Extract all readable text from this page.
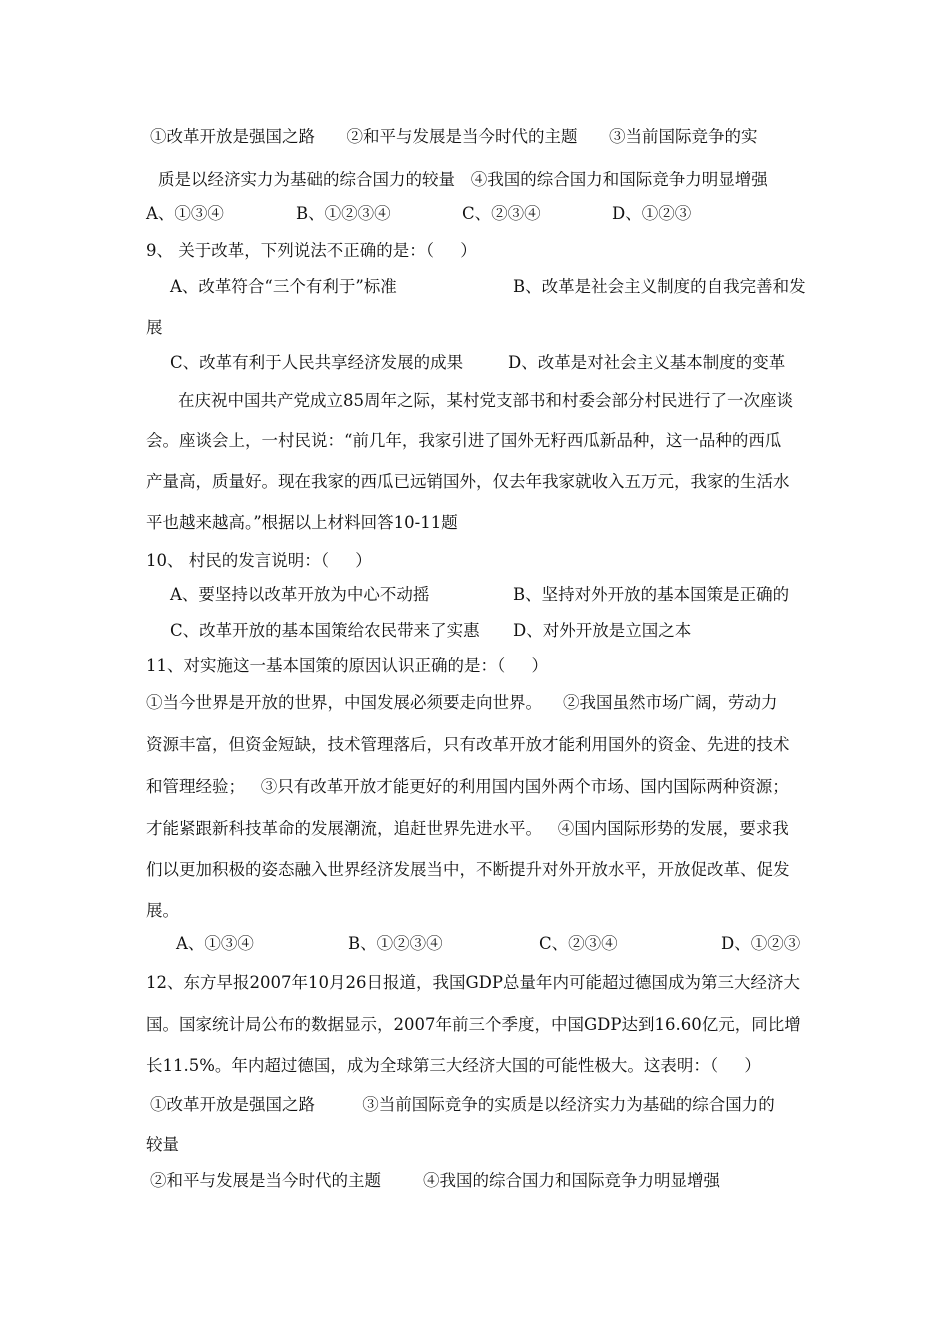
①改革开放是强国之路      ②和平与发展是当今时代的主题      ③当前国际竞争的实
质是以经济实力为基础的综合国力的较量   ④我国的综合国力和国际竞争力明显增强
A、①③④	B、①②③④	C、②③④	D、①②③
9、 关于改革，下列说法不正确的是：（     ）
A、改革符合“三个有利于”标准	B、改革是社会主义制度的自我完善和发
展
C、改革有利于人民共享经济发展的成果	D、改革是对社会主义基本制度的变革
在庆祝中国共产党成立85周年之际，某村党支部书和村委会部分村民进行了一次座谈
会。座谈会上，一村民说：“前几年，我家引进了国外无籽西瓜新品种，这一品种的西瓜
产量高，质量好。现在我家的西瓜已远销国外，仅去年我家就收入五万元，我家的生活水
平也越来越高。”根据以上材料回答10-11题
10、 村民的发言说明：（     ）
A、要坚持以改革开放为中心不动摇	B、坚持对外开放的基本国策是正确的
C、改革开放的基本国策给农民带来了实惠 D、对外开放是立国之本
11、对实施这一基本国策的原因认识正确的是：（     ）
①当今世界是开放的世界，中国发展必须要走向世界。    ②我国虽然市场广阔，劳动力
资源丰富，但资金短缺，技术管理落后，只有改革开放才能利用国外的资金、先进的技术
和管理经验；   ③只有改革开放才能更好的利用国内国外两个市场、国内国际两种资源；
才能紧跟新科技革命的发展潮流，追赶世界先进水平。   ④国内国际形势的发展，要求我
们以更加积极的姿态融入世界经济发展当中，不断提升对外开放水平，开放促改革、促发
展。
A、①③④	B、①②③④	C、②③④	D、①②③
12、东方早报2007年10月26日报道，我国GDP总量年内可能超过德国成为第三大经济大
国。国家统计局公布的数据显示，2007年前三个季度，中国GDP达到16.60亿元，同比增
长11.5%。年内超过德国，成为全球第三大经济大国的可能性极大。这表明：（     ）
①改革开放是强国之路         ③当前国际竞争的实质是以经济实力为基础的综合国力的
较量
②和平与发展是当今时代的主题        ④我国的综合国力和国际竞争力明显增强
